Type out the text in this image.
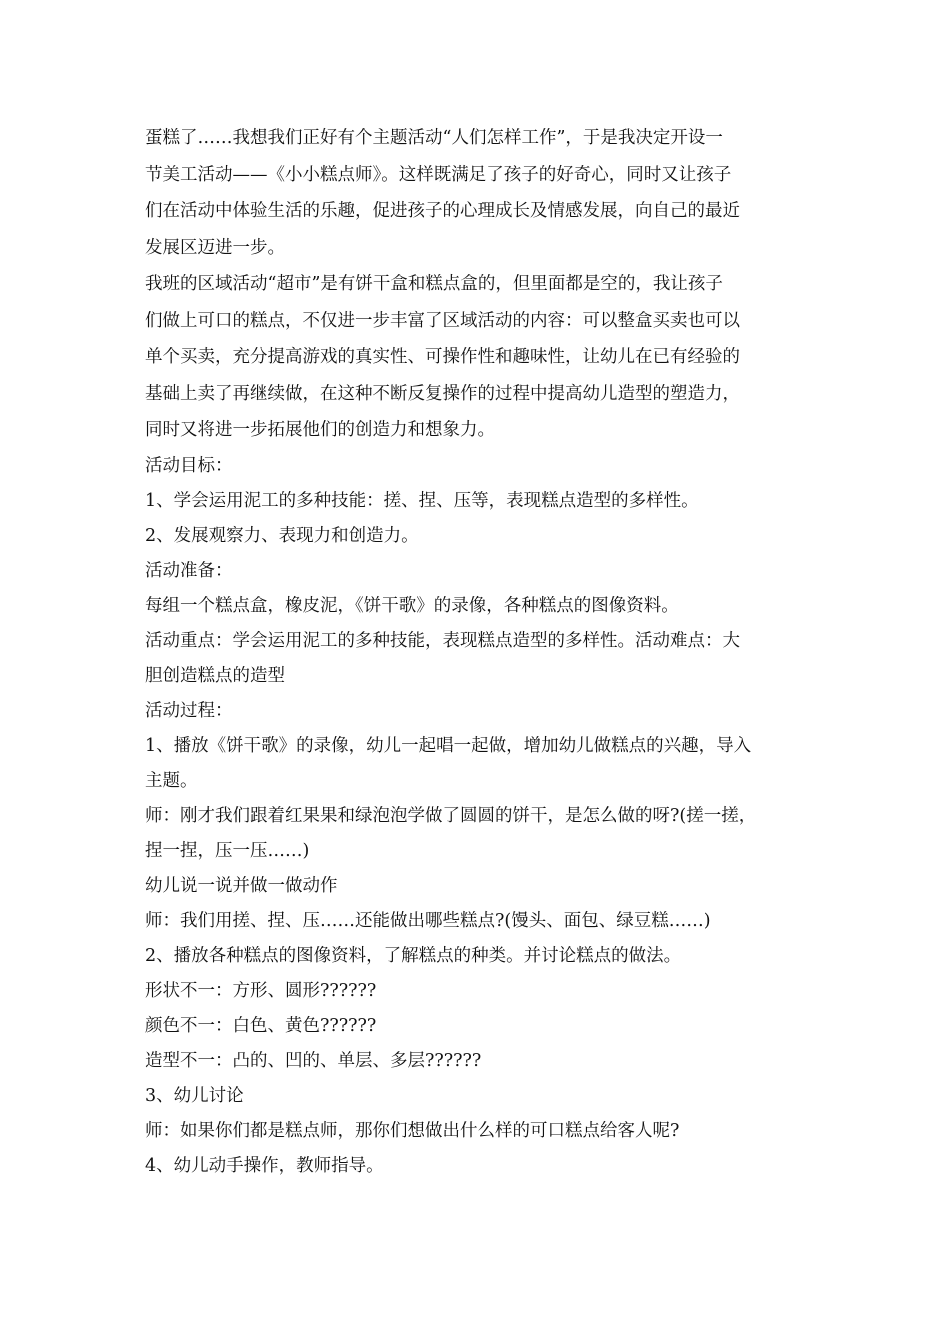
蛋糕了……我想我们正好有个主题活动“人们怎样工作”，于是我决定开设一
节美工活动——《小小糕点师》。这样既满足了孩子的好奇心，同时又让孩子
们在活动中体验生活的乐趣，促进孩子的心理成长及情感发展，向自己的最近
发展区迈进一步。

我班的区域活动“超市”是有饼干盒和糕点盒的，但里面都是空的，我让孩子
们做上可口的糕点，不仅进一步丰富了区域活动的内容：可以整盒买卖也可以
单个买卖，充分提高游戏的真实性、可操作性和趣味性，让幼儿在已有经验的
基础上卖了再继续做，在这种不断反复操作的过程中提高幼儿造型的塑造力，
同时又将进一步拓展他们的创造力和想象力。

活动目标：

1、学会运用泥工的多种技能：搓、捏、压等，表现糕点造型的多样性。

2、发展观察力、表现力和创造力。

活动准备：

每组一个糕点盒，橡皮泥，《饼干歌》的录像，各种糕点的图像资料。

活动重点：学会运用泥工的多种技能，表现糕点造型的多样性。活动难点：大

胆创造糕点的造型

活动过程：

1、播放《饼干歌》的录像，幼儿一起唱一起做，增加幼儿做糕点的兴趣，导入

主题。

师：刚才我们跟着红果果和绿泡泡学做了圆圆的饼干，是怎么做的呀?(搓一搓，

捏一捏，压一压……)

幼儿说一说并做一做动作

师：我们用搓、捏、压……还能做出哪些糕点?(馒头、面包、绿豆糕……)

2、播放各种糕点的图像资料，了解糕点的种类。并讨论糕点的做法。

形状不一：方形、圆形??????

颜色不一：白色、黄色??????

造型不一：凸的、凹的、单层、多层??????

3、幼儿讨论

师：如果你们都是糕点师，那你们想做出什么样的可口糕点给客人呢?

4、幼儿动手操作，教师指导。
